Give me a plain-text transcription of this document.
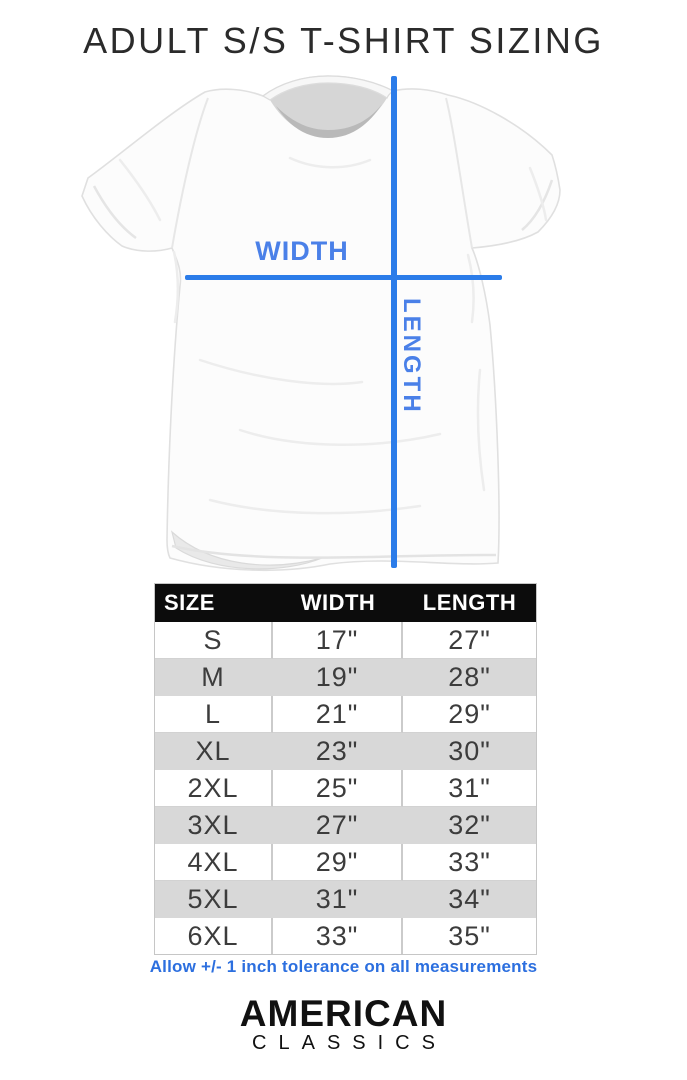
ADULT S/S T-SHIRT SIZING
WIDTH
LENGTH
SIZE	WIDTH	LENGTH
S	17"	27"
M	19"	28"
L	21"	29"
XL	23"	30"
2XL	25"	31"
3XL	27"	32"
4XL	29"	33"
5XL	31"	34"
6XL	33"	35"
Allow +/- 1 inch tolerance on all measurements
AMERICAN
CLASSICS
